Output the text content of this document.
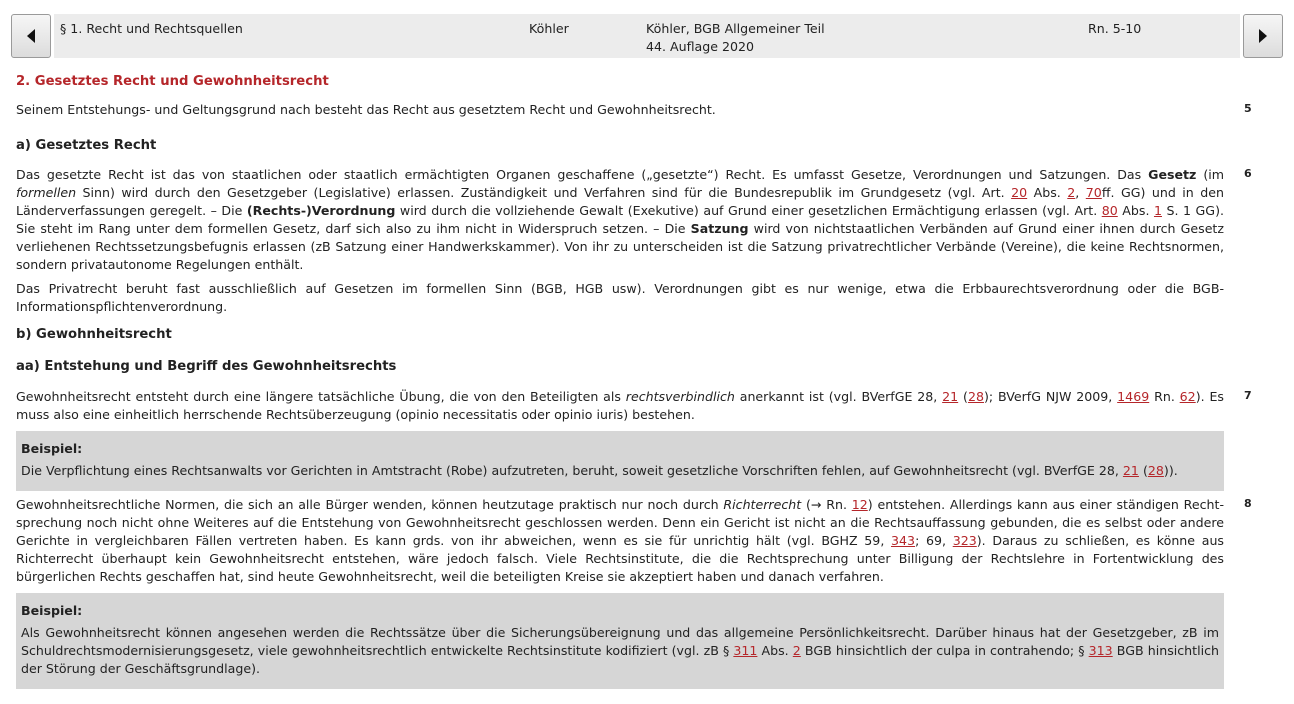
§ 1. Recht und Rechtsquellen	Köhler	Köhler, BGB Allgemeiner Teil
44. Auflage 2020
Rn. 5-10
2. Gesetztes Recht und Gewohnheitsrecht
Seinem Entstehungs- und Geltungsgrund nach besteht das Recht aus gesetztem Recht und Gewohnheitsrecht.
a) Gesetztes Recht
Das gesetzte Recht ist das von staatlichen oder staatlich ermächtigten Organen geschaffene („gesetzte“) Recht. Es umfasst Gesetze, Verordnungen und Satzungen. Das Gesetz (im formellen Sinn) wird durch den Gesetzgeber (Legislative) erlassen. Zuständigkeit und Verfahren sind für die Bundesrepublik im Grundgesetz (vgl. Art. 20 Abs. 2, 70ff. GG) und in den Länderverfassungen geregelt. – Die (Rechts-)Verordnung wird durch die vollziehende Gewalt (Exekutive) auf Grund einer gesetzlichen Ermächtigung erlassen (vgl. Art. 80 Abs. 1 S. 1 GG). Sie steht im Rang unter dem formellen Gesetz, darf sich also zu ihm nicht in Widerspruch setzen. – Die Satzung wird von nichtstaatlichen Verbänden auf Grund einer ihnen durch Gesetz verliehenen Rechtssetzungsbefugnis erlassen (zB Satzung einer Handwerkskammer). Von ihr zu unterscheiden ist die Satzung privatrechtlicher Verbände (Vereine), die keine Rechtsnormen, sondern privatautonome Regelungen enthält.
Das Privatrecht beruht fast ausschließlich auf Gesetzen im formellen Sinn (BGB, HGB usw). Verordnungen gibt es nur wenige, etwa die Erbbaurechtsverordnung oder die BGB-Informationspflichtenverordnung.
b) Gewohnheitsrecht
aa) Entstehung und Begriff des Gewohnheitsrechts
Gewohnheitsrecht entsteht durch eine längere tatsächliche Übung, die von den Beteiligten als rechtsverbindlich anerkannt ist (vgl. BVerfGE 28, 21 (28); BVerfG NJW 2009, 1469 Rn. 62). Es muss also eine einheitlich herrschende Rechtsüberzeugung (opinio necessitatis oder opinio iuris) bestehen.
Gewohnheitsrechtliche Normen, die sich an alle Bürger wenden, können heutzutage praktisch nur noch durch Richterrecht (→ Rn. 12) entstehen. Allerdings kann aus einer ständigen Rechtsprechung noch nicht ohne Weiteres auf die Entstehung von Gewohnheitsrecht geschlossen werden. Denn ein Gericht ist nicht an die Rechtsauffassung gebunden, die es selbst oder andere Gerichte in vergleichbaren Fällen vertreten haben. Es kann grds. von ihr abweichen, wenn es sie für unrichtig hält (vgl. BGHZ 59, 343; 69, 323). Daraus zu schließen, es könne aus Richterrecht überhaupt kein Gewohnheitsrecht entstehen, wäre jedoch falsch. Viele Rechtsinstitute, die die Rechtsprechung unter Billigung der Rechtslehre in Fortentwicklung des bürgerlichen Rechts geschaffen hat, sind heute Gewohnheitsrecht, weil die beteiligten Kreise sie akzeptiert haben und danach verfahren.
Beispiel:
Die Verpflichtung eines Rechtsanwalts vor Gerichten in Amtstracht (Robe) aufzutreten, beruht, soweit gesetzliche Vorschriften fehlen, auf Gewohnheitsrecht (vgl. BVerfGE 28, 21 (28)).
Beispiel:
Als Gewohnheitsrecht können angesehen werden die Rechtssätze über die Sicherungsübereignung und das allgemeine Persönlichkeitsrecht. Darüber hinaus hat der Gesetzgeber, zB im Schuldrechtsmodernisierungsgesetz, viele gewohnheitsrechtlich entwickelte Rechtsinstitute kodifiziert (vgl. zB § 311 Abs. 2 BGB hinsichtlich der culpa in contrahendo; § 313 BGB hinsichtlich der Störung der Geschäftsgrundlage).
5
6
7
8
